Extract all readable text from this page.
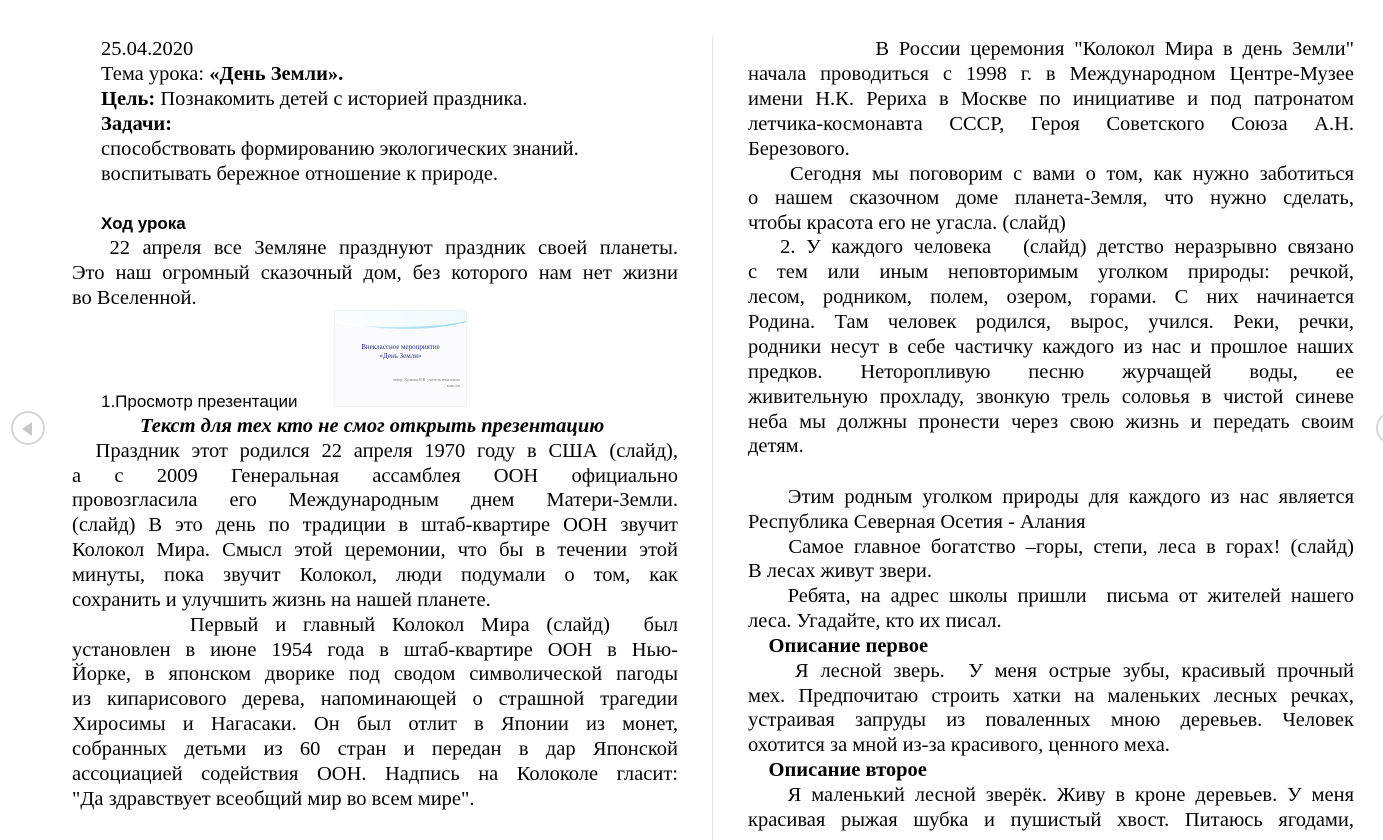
25.04.2020
Тема урока: «День Земли».
Цель: Познакомить детей с историей праздника.
Задачи:
способствовать формированию экологических знаний.
воспитывать бережное отношение к природе.
Ход урока
22 апреля все Земляне празднуют праздник своей планеты.
Это наш огромный сказочный дом, без которого нам нет жизни
во Вселенной.
Внеклассное мероприятие
«День Земли»
автор: Кулаева Н.В, учитель начальных
классов
1.Просмотр презентации
Текст для тех кто не смог открыть презентацию
Праздник этот родился 22 апреля 1970 году в США (слайд),
а с 2009 Генеральная ассамблея ООН официально
провозгласила его Международным днем Матери-Земли.
(слайд) В это день по традиции в штаб-квартире ООН звучит
Колокол Мира. Смысл этой церемонии, что бы в течении этой
минуты, пока звучит Колокол, люди подумали о том, как
сохранить и улучшить жизнь на нашей планете.
Первый и главный Колокол Мира (слайд)  был
установлен в июне 1954 года в штаб-квартире ООН в Нью-
Йорке, в японском дворике под сводом символической пагоды
из кипарисового дерева, напоминающей о страшной трагедии
Хиросимы и Нагасаки. Он был отлит в Японии из монет,
собранных детьми из 60 стран и передан в дар Японской
ассоциацией содействия ООН. Надпись на Колоколе гласит:
"Да здравствует всеобщий мир во всем мире".
В России церемония "Колокол Мира в день Земли"
начала проводиться с 1998 г. в Международном Центре-Музее
имени Н.К. Рериха в Москве по инициативе и под патронатом
летчика-космонавта СССР, Героя Советского Союза А.Н.
Березового.
Сегодня мы поговорим с вами о том, как нужно заботиться
о нашем сказочном доме планета-Земля, что нужно сделать,
чтобы красота его не угасла. (слайд)
2. У каждого человека   (слайд) детство неразрывно связано
с тем или иным неповторимым уголком природы: речкой,
лесом, родником, полем, озером, горами. С них начинается
Родина. Там человек родился, вырос, учился. Реки, речки,
родники несут в себе частичку каждого из нас и прошлое наших
предков. Неторопливую песню журчащей воды, ее
живительную прохладу, звонкую трель соловья в чистой синеве
неба мы должны пронести через свою жизнь и передать своим
детям.
Этим родным уголком природы для каждого из нас является
Республика Северная Осетия - Алания
Самое главное богатство –горы, степи, леса в горах! (слайд)
В лесах живут звери.
Ребята, на адрес школы пришли  письма от жителей нашего
леса. Угадайте, кто их писал.
Описание первое
Я лесной зверь.  У меня острые зубы, красивый прочный
мех. Предпочитаю строить хатки на маленьких лесных речках,
устраивая запруды из поваленных мною деревьев. Человек
охотится за мной из-за красивого, ценного меха.
Описание второе
Я маленький лесной зверёк. Живу в кроне деревьев. У меня
красивая рыжая шубка и пушистый хвост. Питаюсь ягодами,
